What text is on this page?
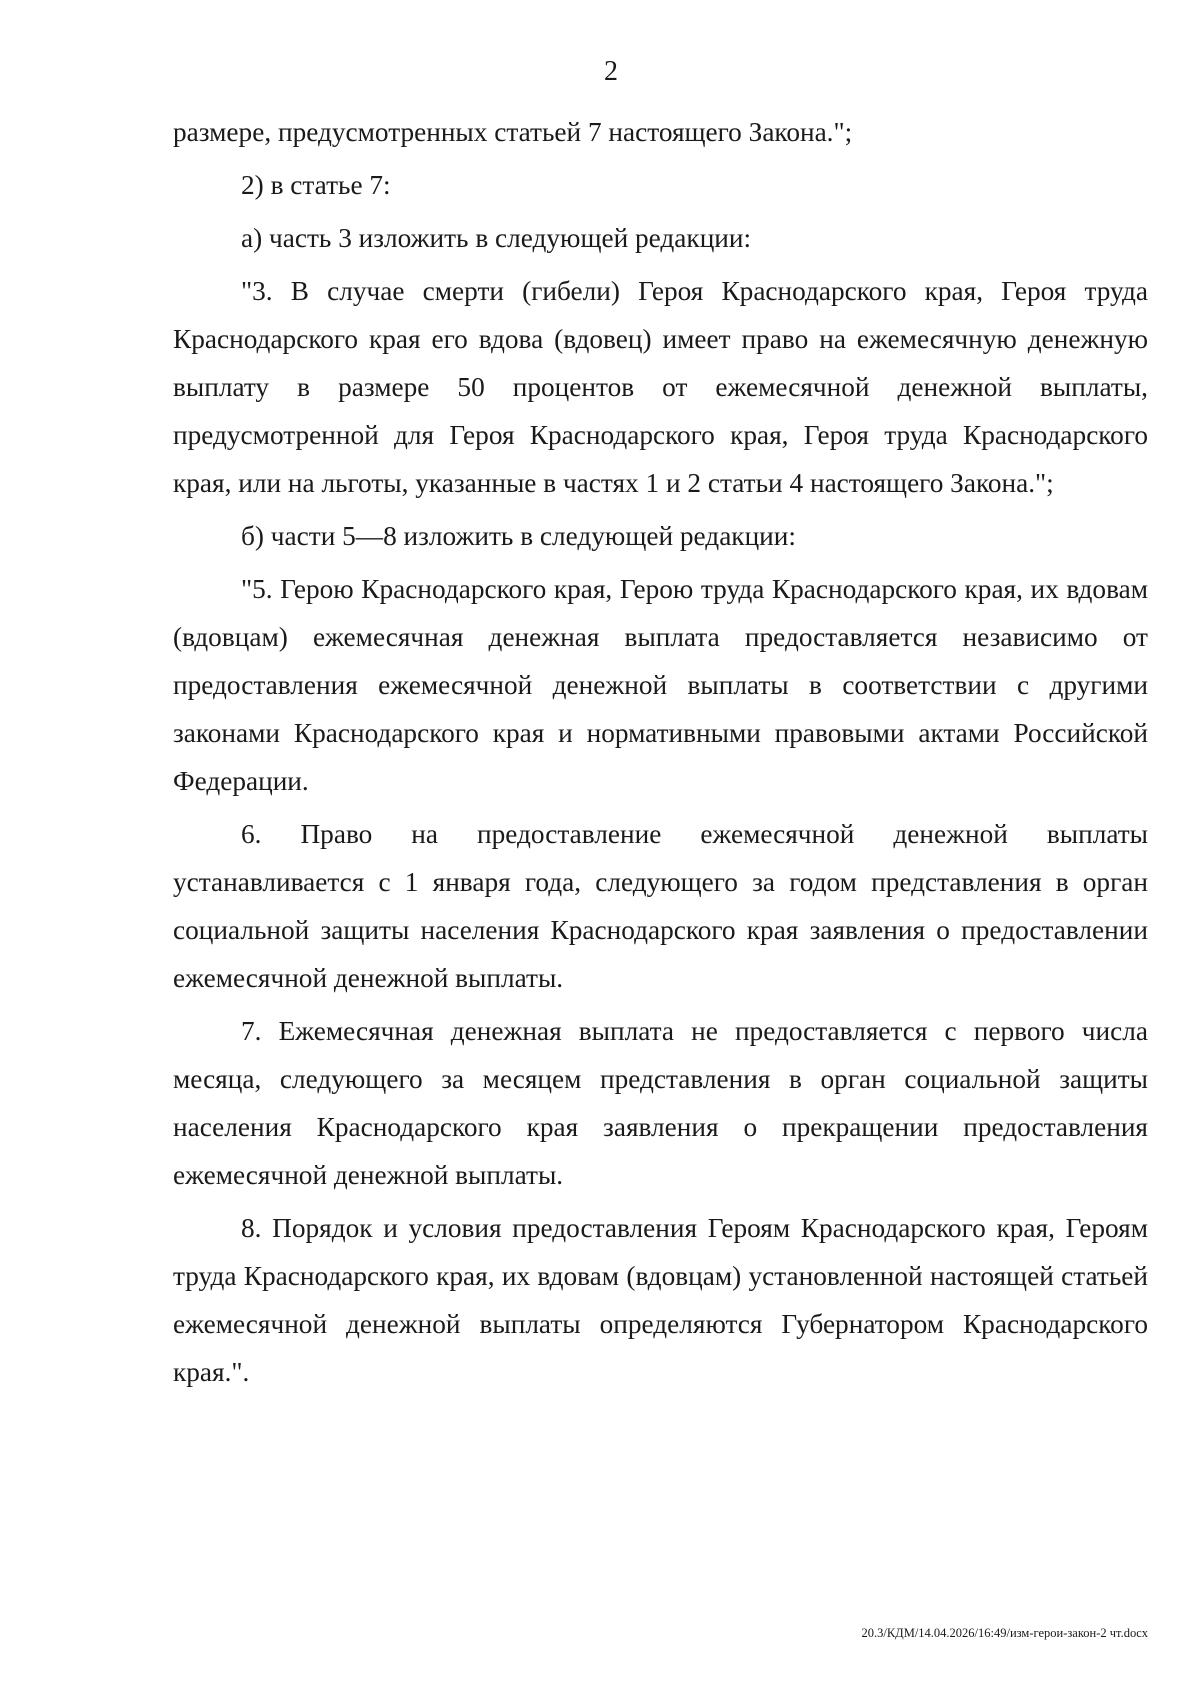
2

размере, предусмотренных статьей 7 настоящего Закона.";

2) в статье 7:

а) часть 3 изложить в следующей редакции:

"3. В случае смерти (гибели) Героя Краснодарского края, Героя труда Краснодарского края его вдова (вдовец) имеет право на ежемесячную денежную выплату в размере 50 процентов от ежемесячной денежной выплаты, предусмотренной для Героя Краснодарского края, Героя труда Краснодарского края, или на льготы, указанные в частях 1 и 2 статьи 4 настоящего Закона.";

б) части 5—8 изложить в следующей редакции:

"5. Герою Краснодарского края, Герою труда Краснодарского края, их вдовам (вдовцам) ежемесячная денежная выплата предоставляется независимо от предоставления ежемесячной денежной выплаты в соответствии с другими законами Краснодарского края и нормативными правовыми актами Российской Федерации.

6. Право на предоставление ежемесячной денежной выплаты устанавливается с 1 января года, следующего за годом представления в орган социальной защиты населения Краснодарского края заявления о предоставлении ежемесячной денежной выплаты.

7. Ежемесячная денежная выплата не предоставляется с первого числа месяца, следующего за месяцем представления в орган социальной защиты населения Краснодарского края заявления о прекращении предоставления ежемесячной денежной выплаты.

8. Порядок и условия предоставления Героям Краснодарского края, Героям труда Краснодарского края, их вдовам (вдовцам) установленной настоящей статьей ежемесячной денежной выплаты определяются Губернатором Краснодарского края.".

20.3/КДМ/14.04.2026/16:49/изм-герои-закон-2 чт.docx
